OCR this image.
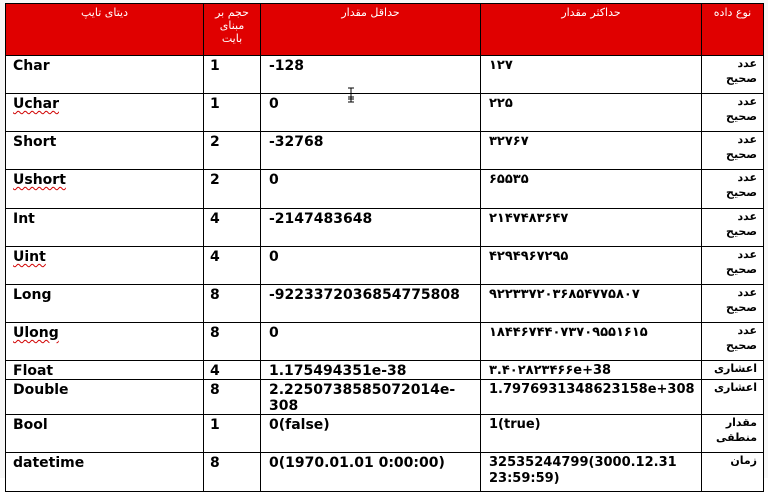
دیتای تایپ	حجم بر مبنای بایت	حداقل مقدار	حداکثر مقدار	نوع داده
Char	1	-128	۱۲۷	عدد
صحیح

Uchar	1	0	۲۲۵	عدد
صحیح

Short	2	-32768	۳۲۷۶۷	عدد
صحیح

Ushort	2	0	۶۵۵۳۵	عدد
صحیح

Int	4	-2147483648	۲۱۴۷۴۸۳۶۴۷	عدد
صحیح

Uint	4	0	۴۲۹۴۹۶۷۲۹۵	عدد
صحیح

Long	8	-9223372036854775808	۹۲۲۳۳۷۲۰۳۶۸۵۴۷۷۵۸۰۷	عدد
صحیح

Ulong	8	0	۱۸۴۴۶۷۴۴۰۷۳۷۰۹۵۵۱۶۱۵	عدد
صحیح

Float	4	1.175494351e-38	۳.۴۰۲۸۲۳۴۶۶e+38	اعشاری

Double	8	2.2250738585072014e-308	1.7976931348623158e+308	اعشاری

Bool	1	0(false)	1(true)	مقدار
منطقی

datetime	8	0(1970.01.01 0:00:00)	32535244799(3000.12.31 23:59:59)	زمان
